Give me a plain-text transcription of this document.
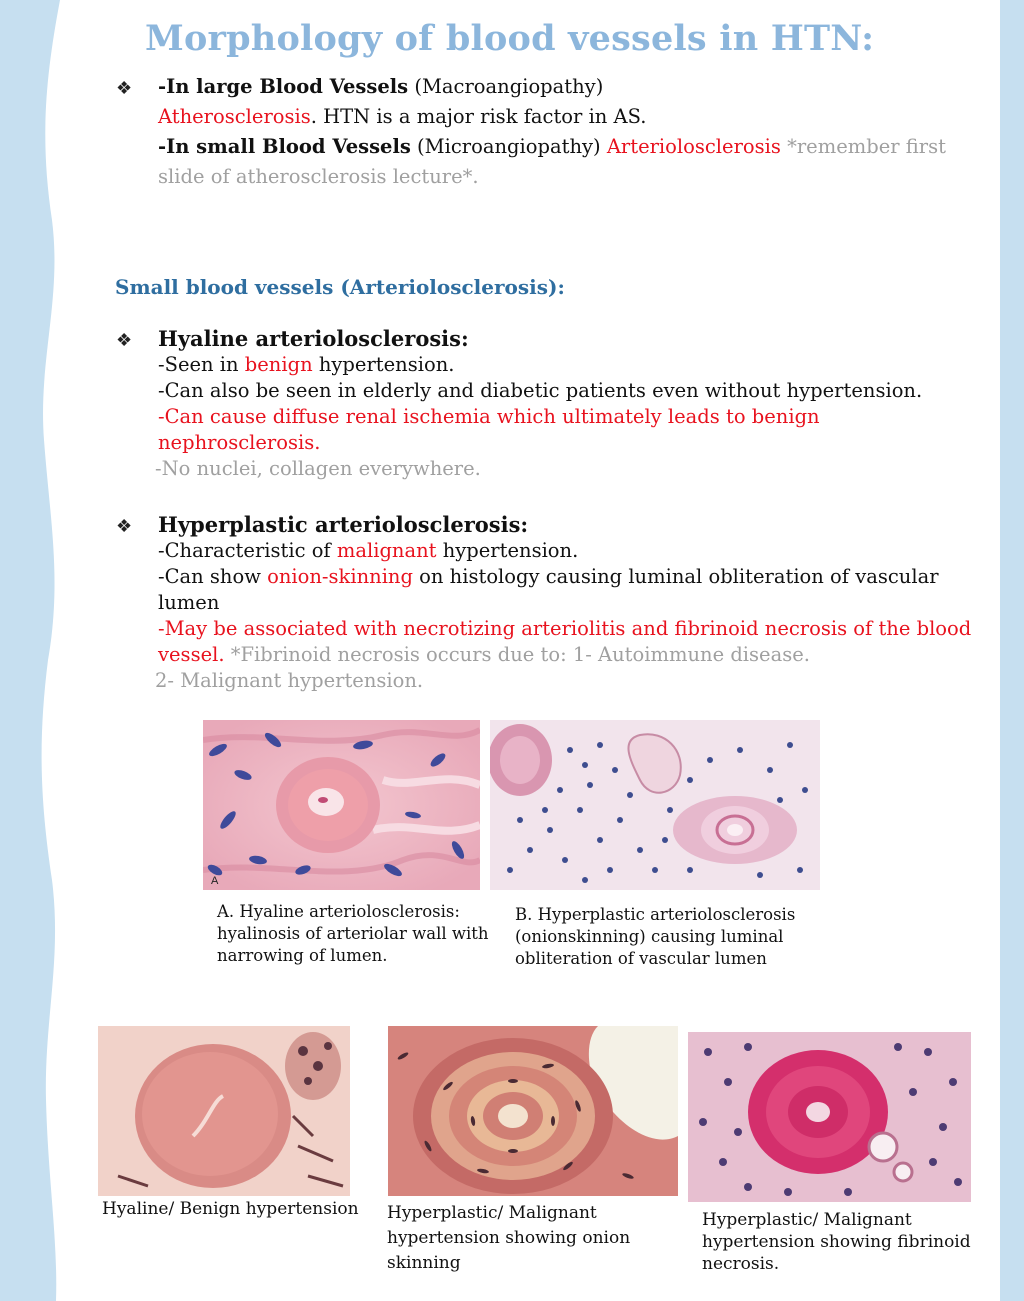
Morphology of blood vessels in HTN:
❖ -In large Blood Vessels (Macroangiopathy)
Atherosclerosis. HTN is a major risk factor in AS.
-In small Blood Vessels (Microangiopathy) Arteriolosclerosis *remember first
slide of atherosclerosis lecture*.
Small blood vessels (Arteriolosclerosis):
❖ Hyaline arteriolosclerosis:
-Seen in benign hypertension.
-Can also be seen in elderly and diabetic patients even without hypertension.
-Can cause diffuse renal ischemia which ultimately leads to benign nephrosclerosis.
-No nuclei, collagen everywhere.
❖ Hyperplastic arteriolosclerosis:
-Characteristic of malignant hypertension.
-Can show onion-skinning on histology causing luminal obliteration of vascular
lumen
-May be associated with necrotizing arteriolitis and fibrinoid necrosis of the blood
vessel. *Fibrinoid necrosis occurs due to: 1- Autoimmune disease.
2- Malignant hypertension.
A
A. Hyaline arteriolosclerosis:
hyalinosis of arteriolar wall with
narrowing of lumen.
B. Hyperplastic arteriolosclerosis
(onionskinning) causing luminal
obliteration of vascular lumen
Hyaline/ Benign hypertension Hyperplastic/ Malignant
hypertension showing onion
skinning
Hyperplastic/ Malignant
hypertension showing fibrinoid
necrosis.
